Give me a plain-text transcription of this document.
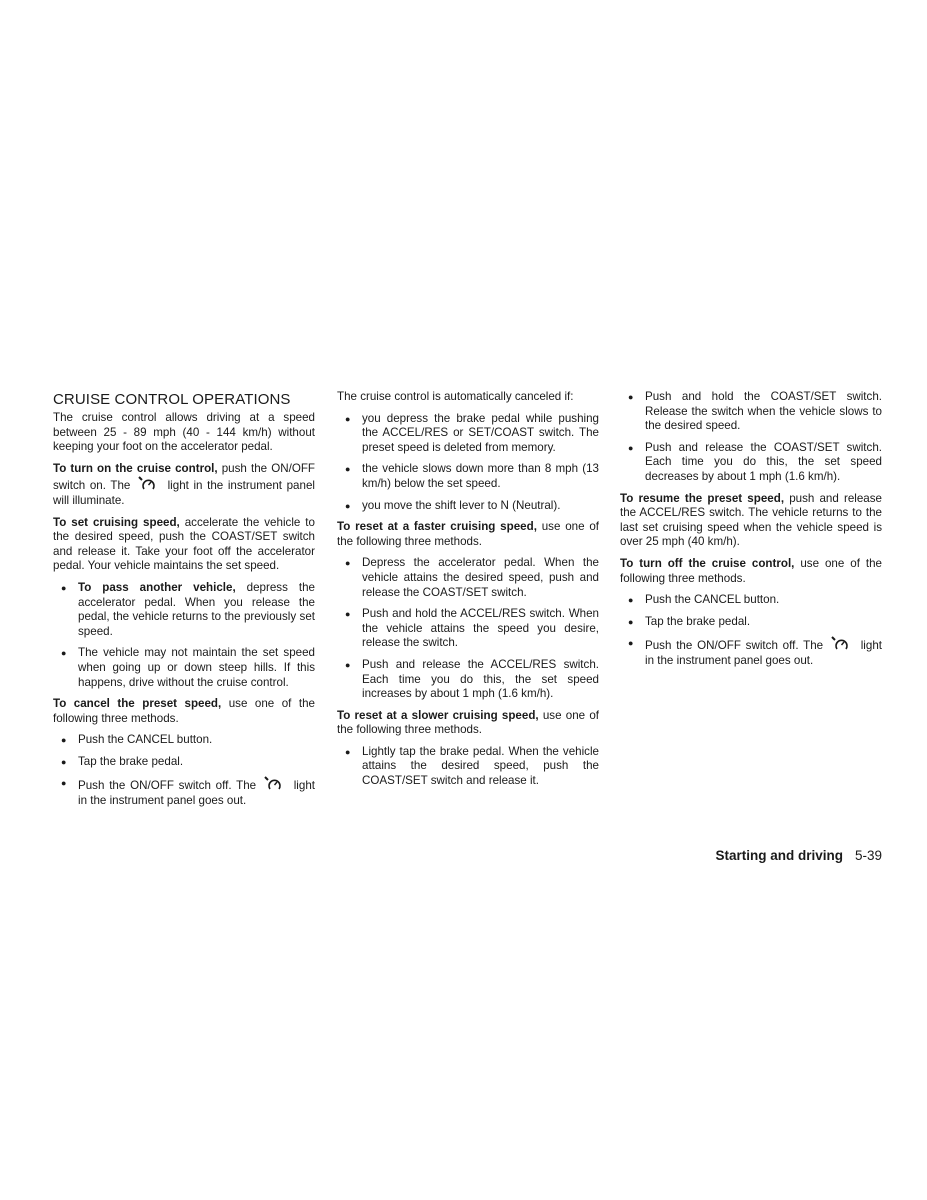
CRUISE CONTROL OPERATIONS

The cruise control allows driving at a speed between 25 - 89 mph (40 - 144 km/h) without keeping your foot on the accelerator pedal.

To turn on the cruise control, push the ON/OFF switch on. The	light in the instrument panel will illuminate.

To set cruising speed, accelerate the vehicle to the desired speed, push the COAST/SET switch and release it. Take your foot off the accelerator pedal. Your vehicle maintains the set speed.

● To pass another vehicle, depress the accelerator pedal. When you release the pedal, the vehicle returns to the previously set speed.
● The vehicle may not maintain the set speed when going up or down steep hills. If this happens, drive without the cruise control.

To cancel the preset speed, use one of the following three methods.

● Push the CANCEL button.
● Tap the brake pedal.
● Push the ON/OFF switch off. The	light in the instrument panel goes out.

The cruise control is automatically canceled if:

● you depress the brake pedal while pushing the ACCEL/RES or SET/COAST switch. The preset speed is deleted from memory.
● the vehicle slows down more than 8 mph (13 km/h) below the set speed.
● you move the shift lever to N (Neutral).

To reset at a faster cruising speed, use one of the following three methods.

● Depress the accelerator pedal. When the vehicle attains the desired speed, push and release the COAST/SET switch.
● Push and hold the ACCEL/RES switch. When the vehicle attains the speed you desire, release the switch.
● Push and release the ACCEL/RES switch. Each time you do this, the set speed increases by about 1 mph (1.6 km/h).

To reset at a slower cruising speed, use one of the following three methods.

● Lightly tap the brake pedal. When the vehicle attains the desired speed, push the COAST/SET switch and release it.
● Push and hold the COAST/SET switch. Release the switch when the vehicle slows to the desired speed.
● Push and release the COAST/SET switch. Each time you do this, the set speed decreases by about 1 mph (1.6 km/h).

To resume the preset speed, push and release the ACCEL/RES switch. The vehicle returns to the last set cruising speed when the vehicle speed is over 25 mph (40 km/h).

To turn off the cruise control, use one of the following three methods.

● Push the CANCEL button.
● Tap the brake pedal.
● Push the ON/OFF switch off. The	light in the instrument panel goes out.
Starting and driving 5-39
